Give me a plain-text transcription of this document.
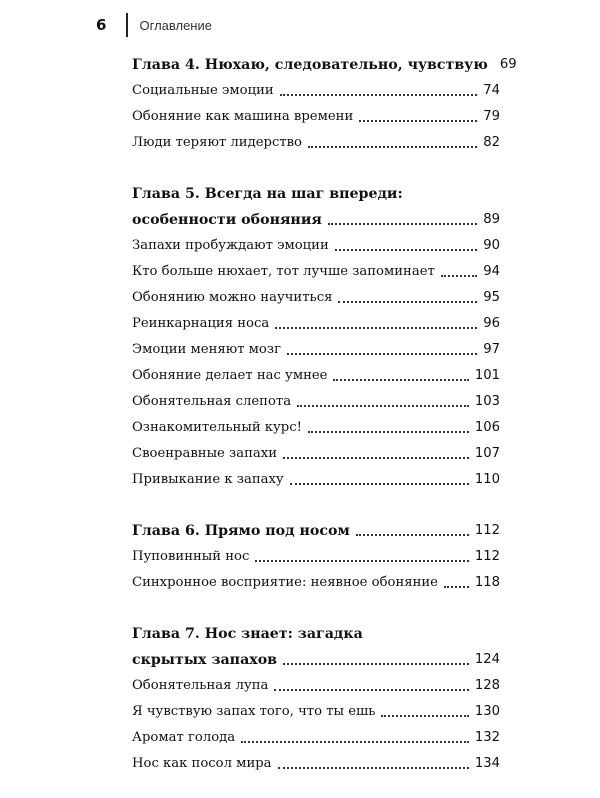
6	Оглавление
Глава 4. Нюхаю, следовательно, чувствую 69
Социальные эмоции	74
Обоняние как машина времени	79
Люди теряют лидерство	82
Глава 5. Всегда на шаг впереди:
особенности обоняния	89
Запахи пробуждают эмоции	90
Кто больше нюхает, тот лучше запоминает	94
Обонянию можно научиться	95
Реинкарнация носа	96
Эмоции меняют мозг	97
Обоняние делает нас умнее	101
Обонятельная слепота	103
Ознакомительный курс!	106
Своенравные запахи	107
Привыкание к запаху	110
Глава 6. Прямо под носом	112
Пуповинный нос	112
Синхронное восприятие: неявное обоняние	118
Глава 7. Нос знает: загадка
скрытых запахов	124
Обонятельная лупа	128
Я чувствую запах того, что ты ешь	130
Аромат голода	132
Нос как посол мира	134
